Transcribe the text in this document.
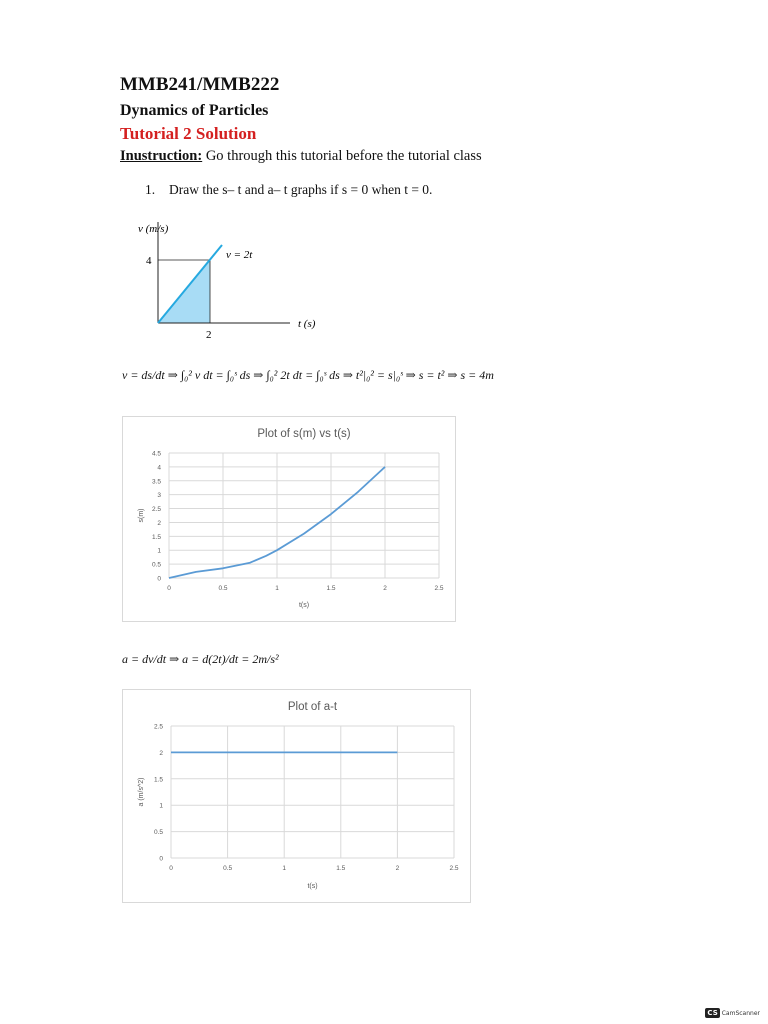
MMB241/MMB222
Dynamics of Particles
Tutorial 2 Solution
Inustruction: Go through this tutorial before the tutorial class
1. Draw the s– t and a– t graphs if s = 0 when t = 0.
v (m/s)
4	v = 2t
2
t (s)
v = ds/dt ⇒ ∫₀² v dt = ∫₀ˢ ds ⇒ ∫₀² 2t dt = ∫₀ˢ ds ⇒ t²|₀² = s|₀ˢ ⇒ s = t² ⇒ s = 4m
0
0.5
1
1.5
2
2.5
3
3.5
4
4.5
0	0.5	1	1.5	2	2.5
Plot of s(m) vs t(s)
t(s)
s(m)
a = dv/dt ⇒ a = d(2t)/dt = 2m/s²
0
0.5
1
1.5
2
2.5
0	0.5	1	1.5	2	2.5
Plot of a-t
t(s)
a (m/s^2)
CS CamScanner
